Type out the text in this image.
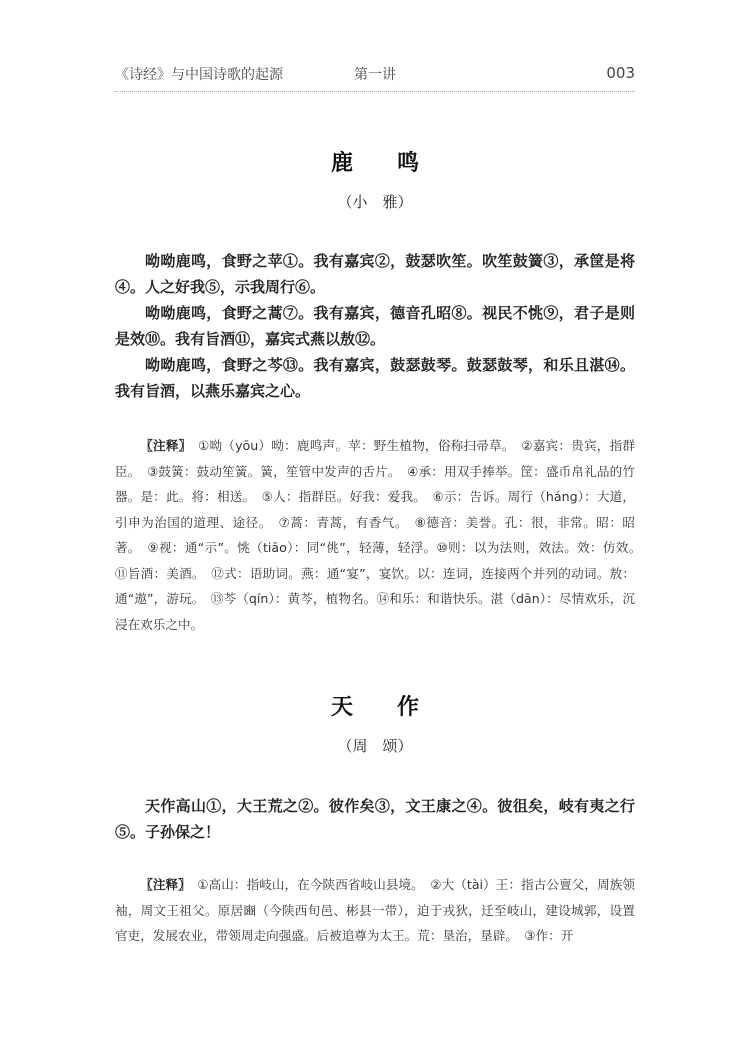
《诗经》与中国诗歌的起源	第一讲	003
鹿　　鸣
（小　雅）

呦呦鹿鸣，食野之苹①。我有嘉宾②，鼓瑟吹笙。吹笙鼓簧③，承筐是将④。人之好我⑤，示我周行⑥。

呦呦鹿鸣，食野之蒿⑦。我有嘉宾，德音孔昭⑧。视民不恌⑨，君子是则是效⑩。我有旨酒⑪，嘉宾式燕以敖⑫。

呦呦鹿鸣，食野之芩⑬。我有嘉宾，鼓瑟鼓琴。鼓瑟鼓琴，和乐且湛⑭。我有旨酒，以燕乐嘉宾之心。

〖注释〗　 ①呦（yōu）呦：鹿鸣声。苹：野生植物，俗称扫帚草。　②嘉宾：贵宾，指群臣。　③鼓簧：鼓动笙簧。簧，笙管中发声的舌片。　④承：用双手捧举。筐：盛币帛礼品的竹器。是：此。将：相送。　⑤人：指群臣。好我：爱我。　⑥示：告诉。周行（háng）：大道，引申为治国的道理、途径。　⑦蒿：青蒿，有香气。　⑧德音：美誉。孔：很，非常。昭：昭著。　⑨视：通“示”。恌（tiāo）：同“佻”，轻薄，轻浮。⑩则：以为法则，效法。效：仿效。　⑪旨酒：美酒。　⑫式：语助词。燕：通“宴”，宴饮。以：连词，连接两个并列的动词。敖：通“遨”，游玩。　⑬芩（qín）：黄芩，植物名。⑭和乐：和谐快乐。湛（dān）：尽情欢乐，沉浸在欢乐之中。

天　　作
（周　颂）

天作高山①，大王荒之②。彼作矣③，文王康之④。彼徂矣，岐有夷之行⑤。子孙保之！

〖注释〗　 ①高山：指岐山，在今陕西省岐山县境。　②大（tài）王：指古公亶父，周族领袖，周文王祖父。原居豳（今陕西旬邑、彬县一带），迫于戎狄，迁至岐山，建设城郭，设置官吏，发展农业，带领周走向强盛。后被追尊为太王。荒：垦治，垦辟。　③作：开
